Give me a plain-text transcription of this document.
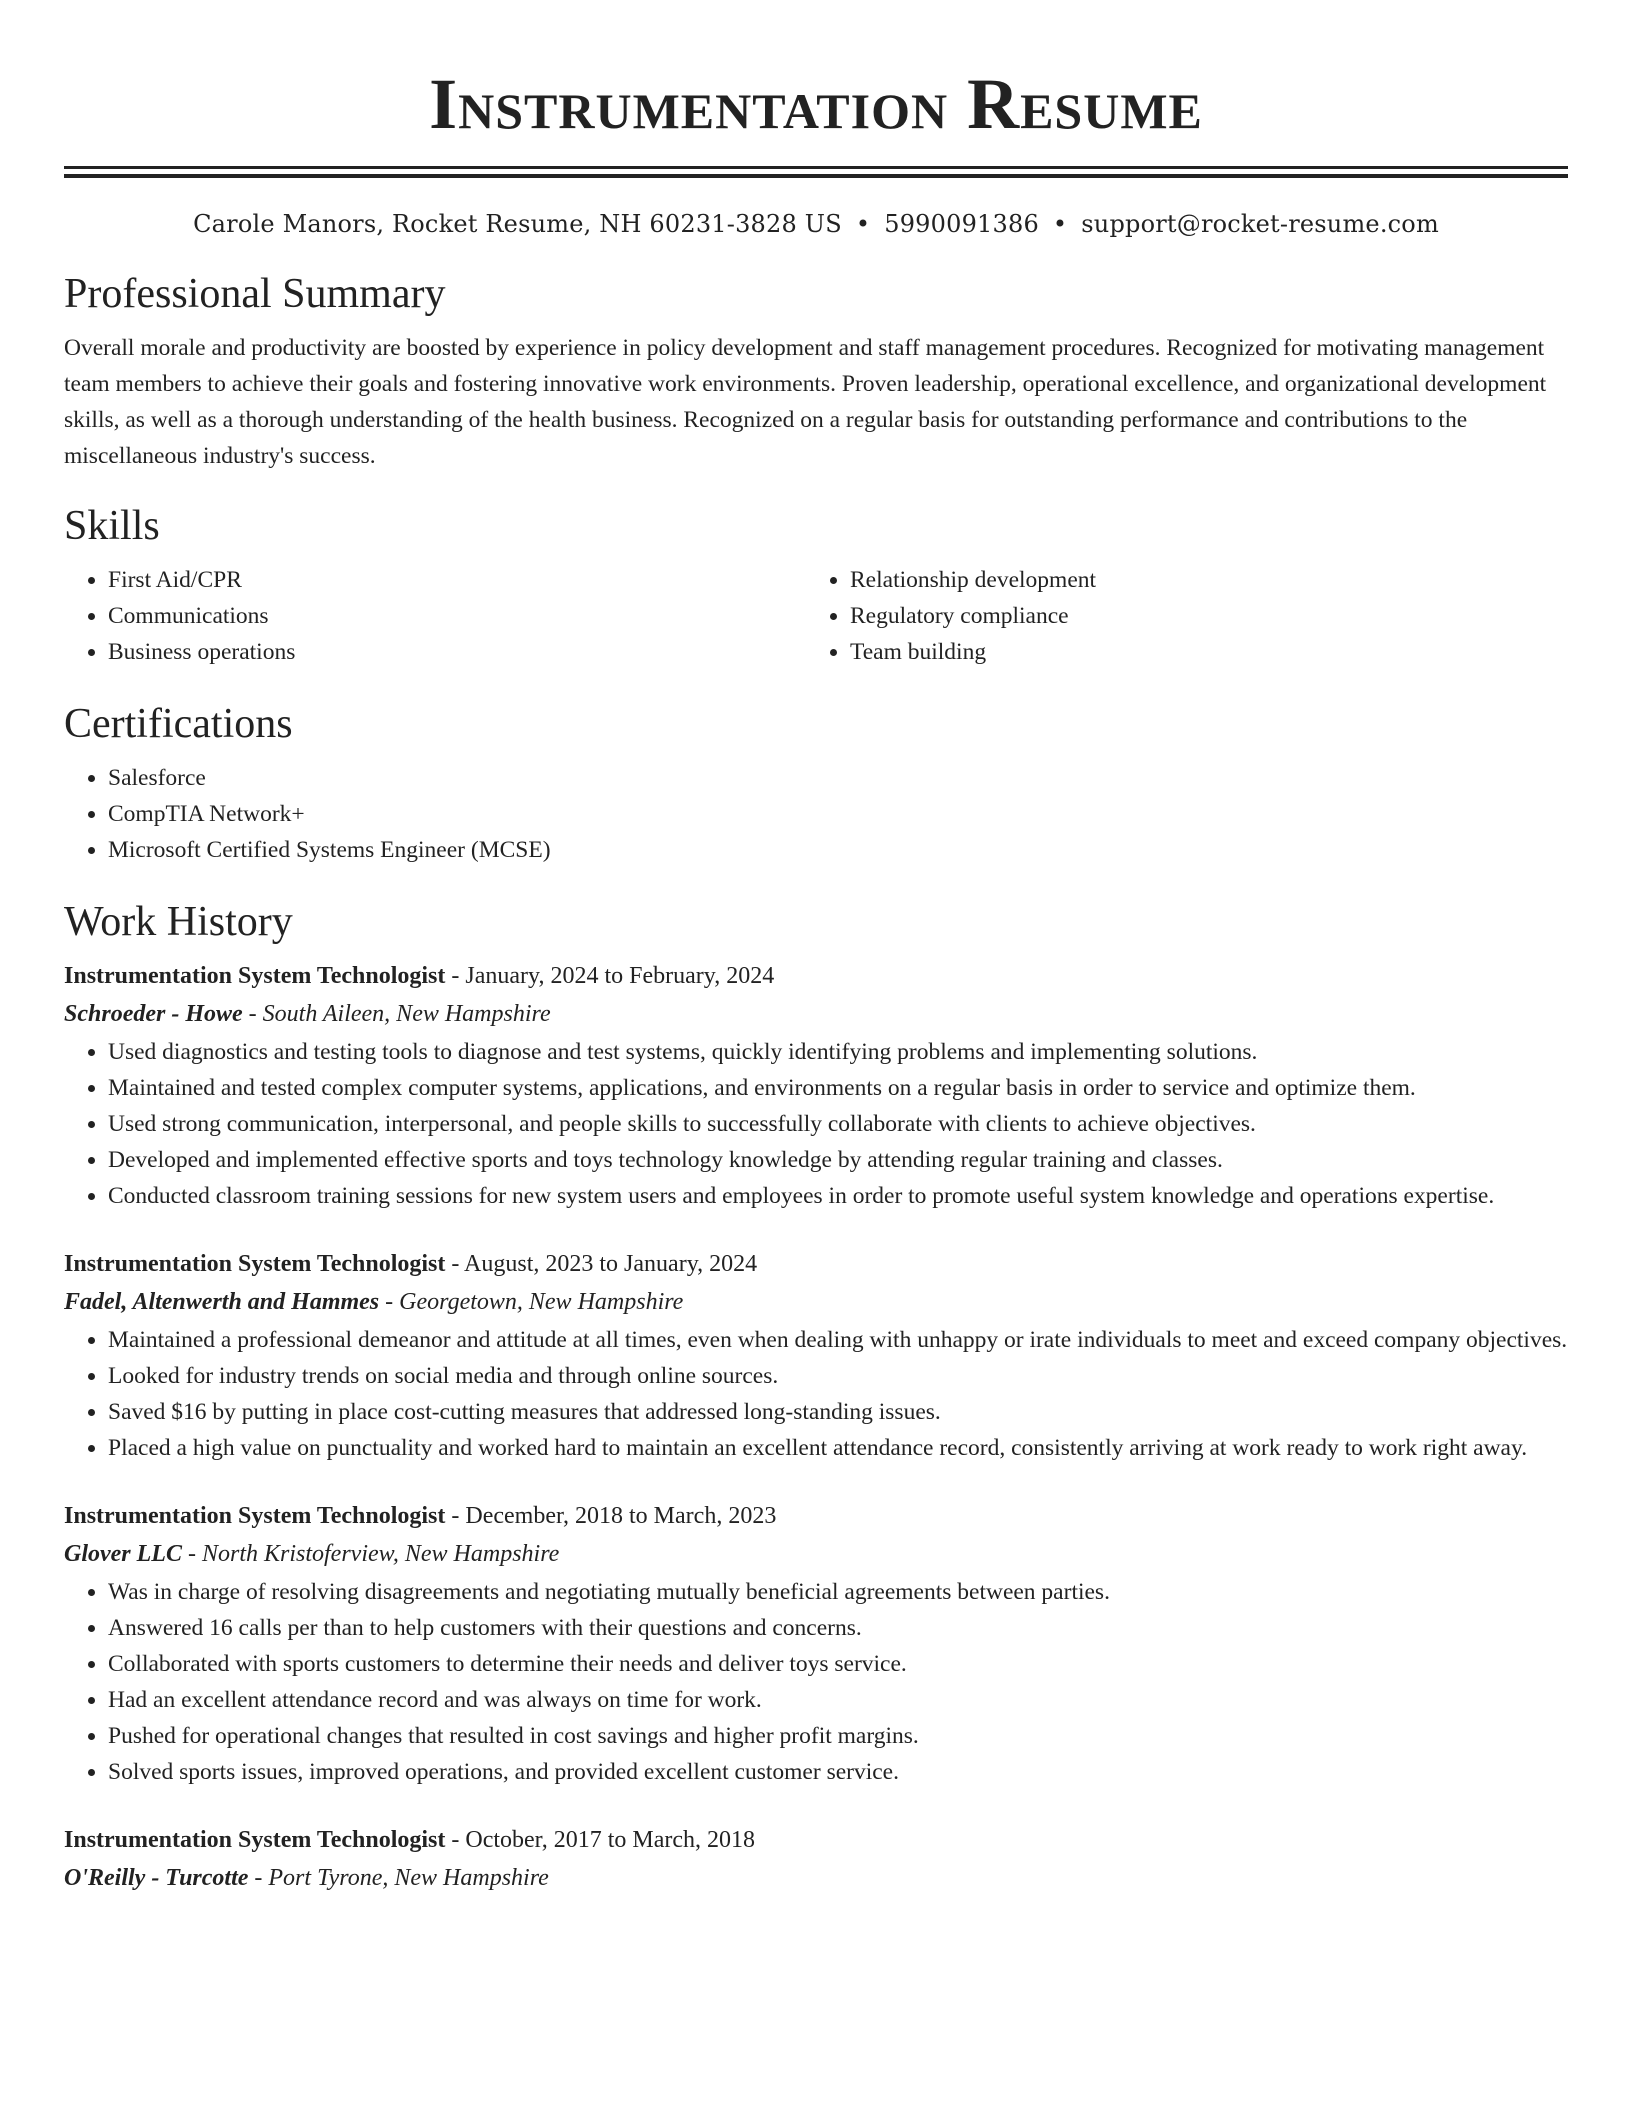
Instrumentation Resume
Carole Manors, Rocket Resume, NH 60231-3828 US • 5990091386 • support@rocket-resume.com
Professional Summary

Overall morale and productivity are boosted by experience in policy development and staff management procedures. Recognized for motivating management team members to achieve their goals and fostering innovative work environments. Proven leadership, operational excellence, and organizational development skills, as well as a thorough understanding of the health business. Recognized on a regular basis for outstanding performance and contributions to the miscellaneous industry's success.

Skills
• First Aid/CPR
• Communications
• Business operations
• Relationship development
• Regulatory compliance
• Team building
Certifications
• Salesforce
• CompTIA Network+
• Microsoft Certified Systems Engineer (MCSE)
Work History
Instrumentation System Technologist - January, 2024 to February, 2024
Schroeder - Howe - South Aileen, New Hampshire
• Used diagnostics and testing tools to diagnose and test systems, quickly identifying problems and implementing solutions.
• Maintained and tested complex computer systems, applications, and environments on a regular basis in order to service and optimize them.
• Used strong communication, interpersonal, and people skills to successfully collaborate with clients to achieve objectives.
• Developed and implemented effective sports and toys technology knowledge by attending regular training and classes.
• Conducted classroom training sessions for new system users and employees in order to promote useful system knowledge and operations expertise.
Instrumentation System Technologist - August, 2023 to January, 2024
Fadel, Altenwerth and Hammes - Georgetown, New Hampshire
• Maintained a professional demeanor and attitude at all times, even when dealing with unhappy or irate individuals to meet and exceed company objectives.
• Looked for industry trends on social media and through online sources.
• Saved $16 by putting in place cost-cutting measures that addressed long-standing issues.
• Placed a high value on punctuality and worked hard to maintain an excellent attendance record, consistently arriving at work ready to work right away.
Instrumentation System Technologist - December, 2018 to March, 2023
Glover LLC - North Kristoferview, New Hampshire
• Was in charge of resolving disagreements and negotiating mutually beneficial agreements between parties.
• Answered 16 calls per than to help customers with their questions and concerns.
• Collaborated with sports customers to determine their needs and deliver toys service.
• Had an excellent attendance record and was always on time for work.
• Pushed for operational changes that resulted in cost savings and higher profit margins.
• Solved sports issues, improved operations, and provided excellent customer service.
Instrumentation System Technologist - October, 2017 to March, 2018
O'Reilly - Turcotte - Port Tyrone, New Hampshire
